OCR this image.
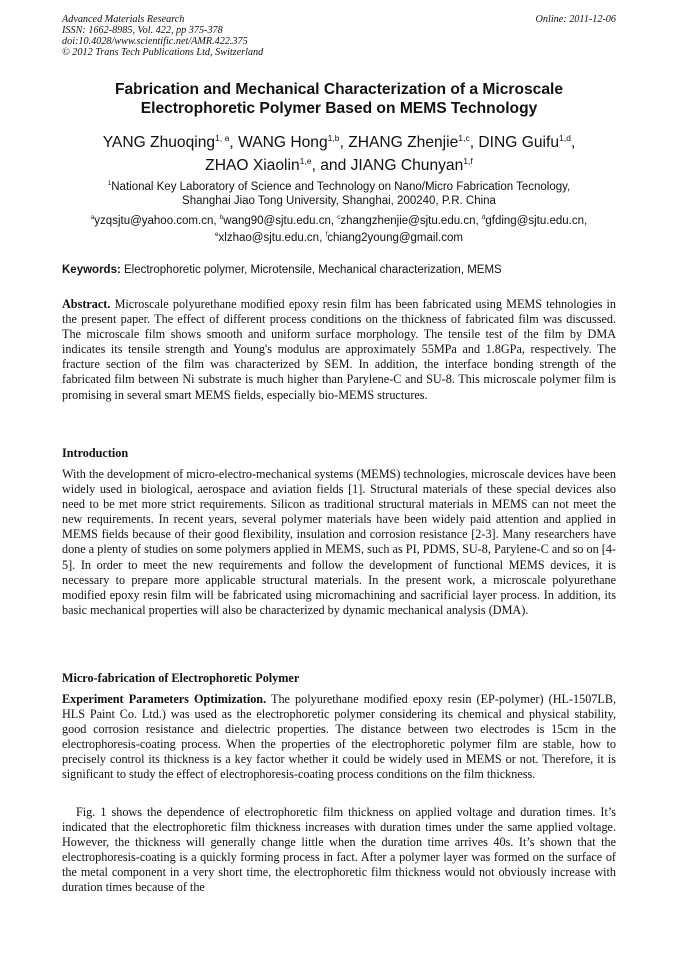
Advanced Materials Research
ISSN: 1662-8985, Vol. 422, pp 375-378
doi:10.4028/www.scientific.net/AMR.422.375
© 2012 Trans Tech Publications Ltd, Switzerland
Online: 2011-12-06
Fabrication and Mechanical Characterization of a Microscale
Electrophoretic Polymer Based on MEMS Technology
YANG Zhuoqing$^{1, a}$, WANG Hong$^{1,b}$, ZHANG Zhenjie$^{1,c}$, DING Guifu$^{1,d}$,
ZHAO Xiaolin$^{1,e}$, and JIANG Chunyan$^{1,f}$
$^1$National Key Laboratory of Science and Technology on Nano/Micro Fabrication Tecnology,
Shanghai Jiao Tong University, Shanghai, 200240, P.R. China
$^a$yzqsjtu@yahoo.com.cn, $^b$wang90@sjtu.edu.cn, $^c$zhangzhenjie@sjtu.edu.cn, $^d$gfding@sjtu.edu.cn,
$^e$xlzhao@sjtu.edu.cn, $^f$chiang2young@gmail.com
Keywords: Electrophoretic polymer, Microtensile, Mechanical characterization, MEMS
Abstract. Microscale polyurethane modified epoxy resin film has been fabricated using MEMS tehnologies in the present paper. The effect of different process conditions on the thickness of fabricated film was discussed. The microscale film shows smooth and uniform surface morphology. The tensile test of the film by DMA indicates its tensile strength and Young's modulus are approximately 55MPa and 1.8GPa, respectively. The fracture section of the film was characterized by SEM. In addition, the interface bonding strength of the fabricated film between Ni substrate is much higher than Parylene-C and SU-8. This microscale polymer film is promising in several smart MEMS fields, especially bio-MEMS structures.
Introduction
With the development of micro-electro-mechanical systems (MEMS) technologies, microscale devices have been widely used in biological, aerospace and aviation fields [1]. Structural materials of these special devices also need to be met more strict requirements. Silicon as traditional structural materials in MEMS can not meet the new requirements. In recent years, several polymer materials have been widely paid attention and applied in MEMS fields because of their good flexibility, insulation and corrosion resistance [2-3]. Many researchers have done a plenty of studies on some polymers applied in MEMS, such as PI, PDMS, SU-8, Parylene-C and so on [4-5]. In order to meet the new requirements and follow the development of functional MEMS devices, it is necessary to prepare more applicable structural materials. In the present work, a microscale polyurethane modified epoxy resin film will be fabricated using micromachining and sacrificial layer process. In addition, its basic mechanical properties will also be characterized by dynamic mechanical analysis (DMA).
Micro-fabrication of Electrophoretic Polymer
Experiment Parameters Optimization. The polyurethane modified epoxy resin (EP-polymer) (HL-1507LB, HLS Paint Co. Ltd.) was used as the electrophoretic polymer considering its chemical and physical stability, good corrosion resistance and dielectric properties. The distance between two electrodes is 15cm in the electrophoresis-coating process. When the properties of the electrophoretic polymer film are stable, how to precisely control its thickness is a key factor whether it could be widely used in MEMS or not. Therefore, it is significant to study the effect of electrophoresis-coating process conditions on the film thickness.
Fig. 1 shows the dependence of electrophoretic film thickness on applied voltage and duration times. It’s indicated that the electrophoretic film thickness increases with duration times under the same applied voltage. However, the thickness will generally change little when the duration time arrives 40s. It’s shown that the electrophoresis-coating is a quickly forming process in fact. After a polymer layer was formed on the surface of the metal component in a very short time, the electrophoretic film thickness would not obviously increase with duration times because of the
